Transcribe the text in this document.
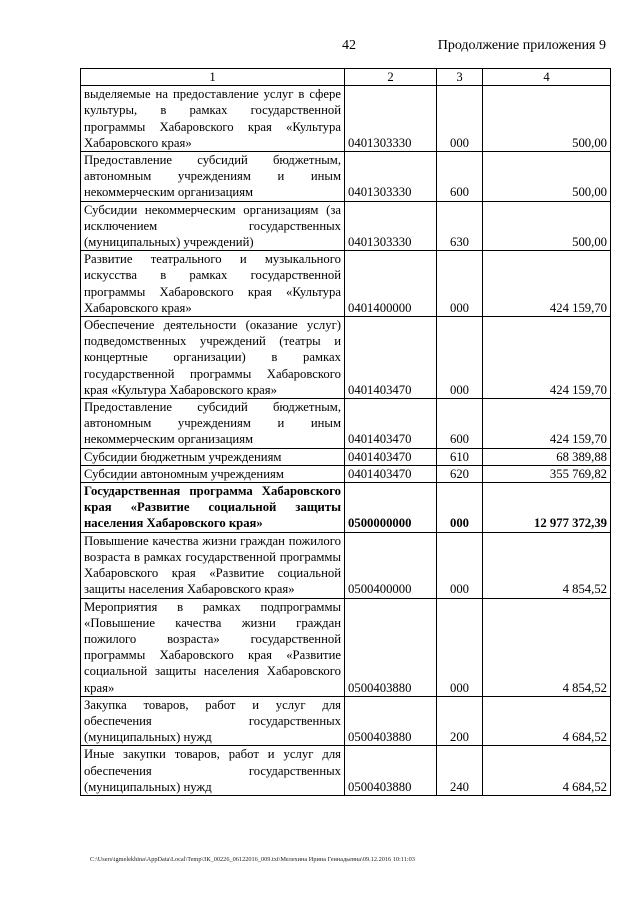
42	Продолжение приложения 9
1	2	3	4
выделяемые на предоставление услуг в сфере культуры, в рамках государственной программы Хабаровского края «Культура Хабаровского края»	0401303330	000	500,00
Предоставление субсидий бюджетным, автономным учреждениям и иным некоммерческим организациям	0401303330	600	500,00
Субсидии некоммерческим организациям (за исключением государственных (муниципальных) учреждений)	0401303330	630	500,00
Развитие театрального и музыкального искусства в рамках государственной программы Хабаровского края «Культура Хабаровского края»	0401400000	000	424 159,70
Обеспечение деятельности (оказание услуг) подведомственных учреждений (театры и концертные организации) в рамках государственной программы Хабаровского края «Культура Хабаровского края»	0401403470	000	424 159,70
Предоставление субсидий бюджетным, автономным учреждениям и иным некоммерческим организациям	0401403470	600	424 159,70
Субсидии бюджетным учреждениям	0401403470	610	68 389,88
Субсидии автономным учреждениям	0401403470	620	355 769,82
Государственная программа Хабаровского края «Развитие социальной защиты населения Хабаровского края»	0500000000	000	12 977 372,39
Повышение качества жизни граждан пожилого возраста в рамках государственной программы Хабаровского края «Развитие социальной защиты населения Хабаровского края»	0500400000	000	4 854,52
Мероприятия в рамках подпрограммы «Повышение качества жизни граждан пожилого возраста» государственной программы Хабаровского края «Развитие социальной защиты населения Хабаровского края»	0500403880	000	4 854,52
Закупка товаров, работ и услуг для обеспечения государственных (муниципальных) нужд	0500403880	200	4 684,52
Иные закупки товаров, работ и услуг для обеспечения государственных (муниципальных) нужд	0500403880	240	4 684,52
C:\Users\igmelekhina\AppData\Local\Temp\ЗК_00226_06122016_009.txt\Мелехина Ирина Геннадьевна\09.12.2016 10:11:03
